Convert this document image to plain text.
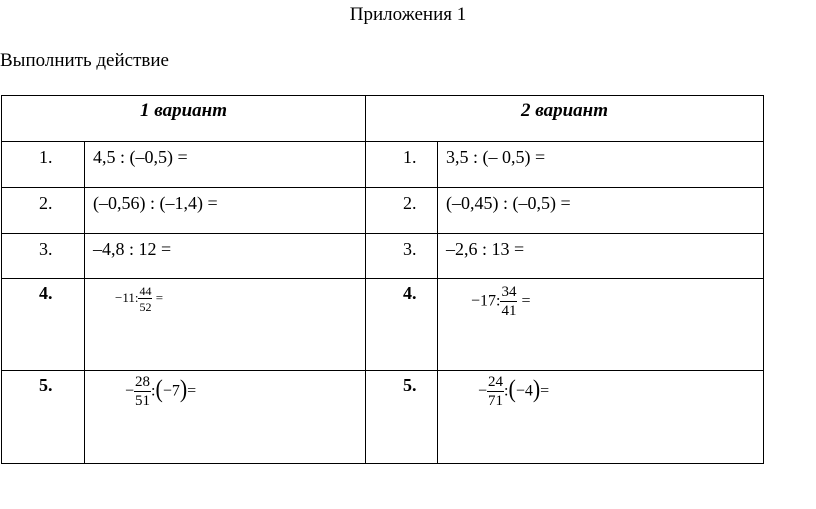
Приложения 1
Выполнить действие
1 вариант		2 вариант	
1.	4,5 : (–0,5) =	1.	3,5 : (– 0,5) =
2.	(–0,56) : (–1,4) =	2.	(–0,45) : (–0,5) =
3.	–4,8 : 12 =	3.	–2,6 : 13 =
4.	−11: $\frac{44}{52}$ =	4.	−17: $\frac{34}{41}$ =

5.	− $\frac{28}{51}$ :(−7)=	5.	− $\frac{24}{71}$ :(−4)=
